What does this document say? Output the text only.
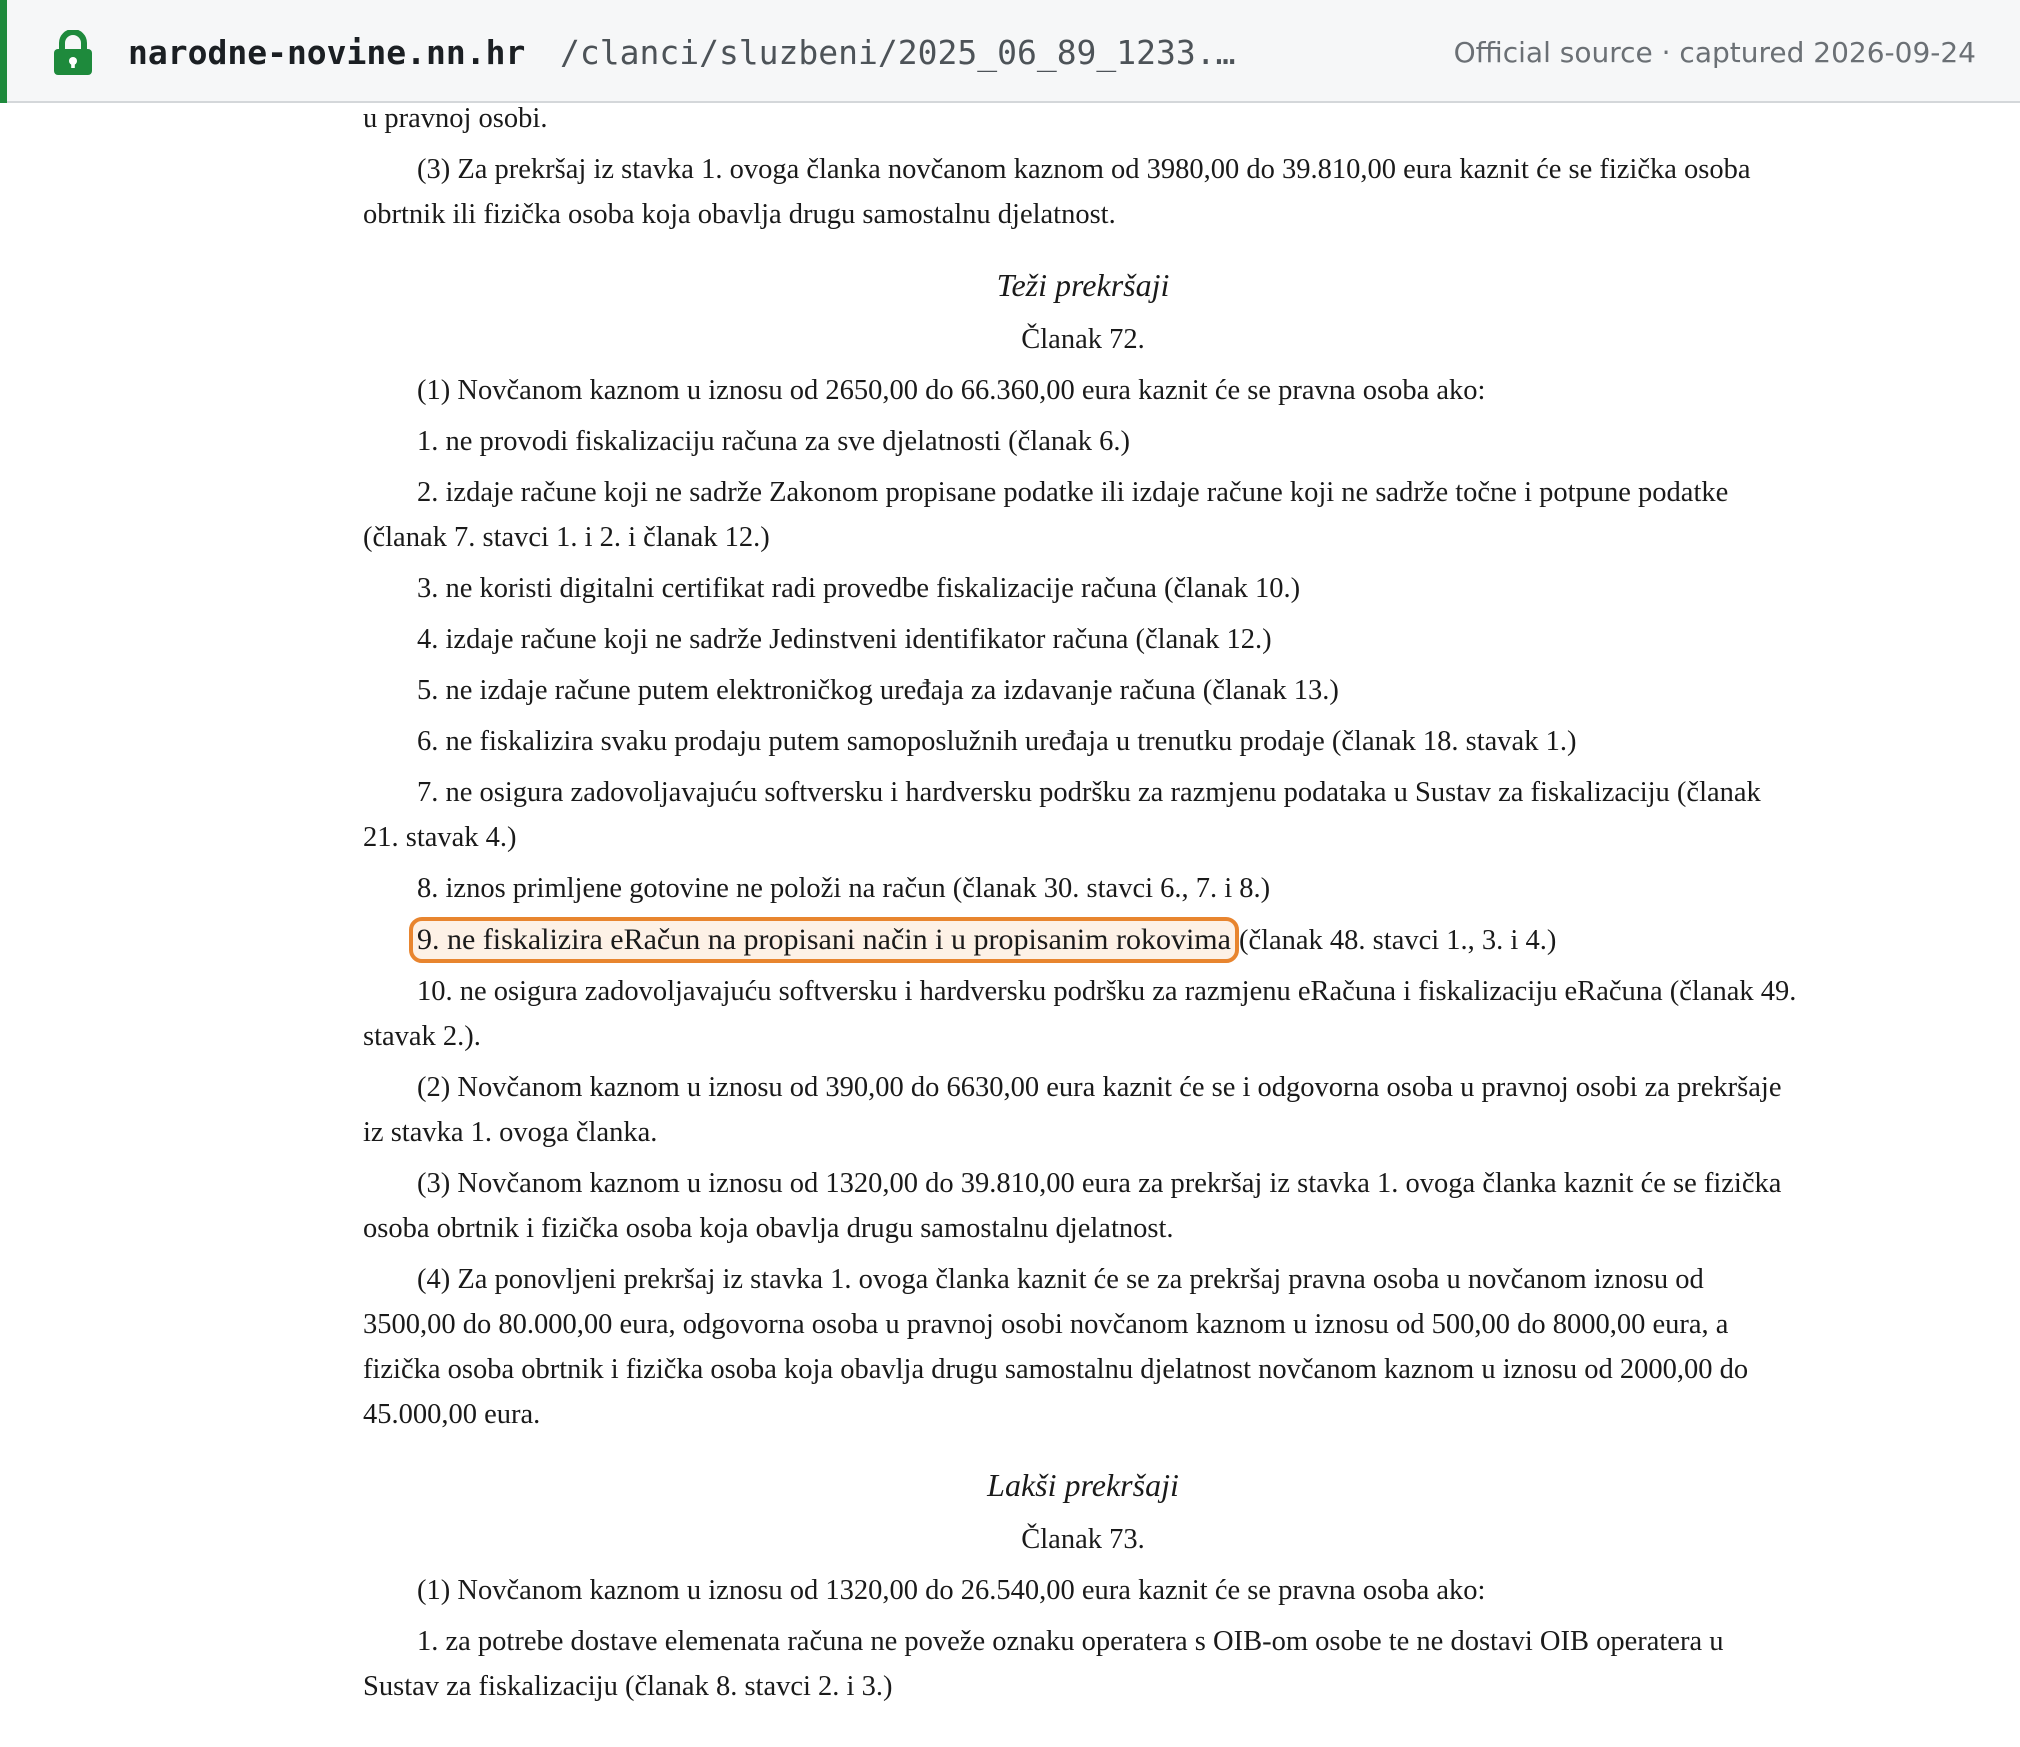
narodne-novine.nn.hr /clanci/sluzbeni/2025_06_89_1233.…	Official source · captured 2026-09-24

u pravnoj osobi.

(3) Za prekršaj iz stavka 1. ovoga članka novčanom kaznom od 3980,00 do 39.810,00 eura kaznit će se fizička osoba obrtnik ili fizička osoba koja obavlja drugu samostalnu djelatnost.

Teži prekršaji

Članak 72.

(1) Novčanom kaznom u iznosu od 2650,00 do 66.360,00 eura kaznit će se pravna osoba ako:

1. ne provodi fiskalizaciju računa za sve djelatnosti (članak 6.)

2. izdaje račune koji ne sadrže Zakonom propisane podatke ili izdaje račune koji ne sadrže točne i potpune podatke (članak 7. stavci 1. i 2. i članak 12.)

3. ne koristi digitalni certifikat radi provedbe fiskalizacije računa (članak 10.)

4. izdaje račune koji ne sadrže Jedinstveni identifikator računa (članak 12.)

5. ne izdaje račune putem elektroničkog uređaja za izdavanje računa (članak 13.)

6. ne fiskalizira svaku prodaju putem samoposlužnih uređaja u trenutku prodaje (članak 18. stavak 1.)

7. ne osigura zadovoljavajuću softversku i hardversku podršku za razmjenu podataka u Sustav za fiskalizaciju (članak 21. stavak 4.)

8. iznos primljene gotovine ne položi na račun (članak 30. stavci 6., 7. i 8.)

9. ne fiskalizira eRačun na propisani način i u propisanim rokovima (članak 48. stavci 1., 3. i 4.)

10. ne osigura zadovoljavajuću softversku i hardversku podršku za razmjenu eRačuna i fiskalizaciju eRačuna (članak 49. stavak 2.).

(2) Novčanom kaznom u iznosu od 390,00 do 6630,00 eura kaznit će se i odgovorna osoba u pravnoj osobi za prekršaje iz stavka 1. ovoga članka.

(3) Novčanom kaznom u iznosu od 1320,00 do 39.810,00 eura za prekršaj iz stavka 1. ovoga članka kaznit će se fizička osoba obrtnik i fizička osoba koja obavlja drugu samostalnu djelatnost.

(4) Za ponovljeni prekršaj iz stavka 1. ovoga članka kaznit će se za prekršaj pravna osoba u novčanom iznosu od 3500,00 do 80.000,00 eura, odgovorna osoba u pravnoj osobi novčanom kaznom u iznosu od 500,00 do 8000,00 eura, a fizička osoba obrtnik i fizička osoba koja obavlja drugu samostalnu djelatnost novčanom kaznom u iznosu od 2000,00 do 45.000,00 eura.

Lakši prekršaji

Članak 73.

(1) Novčanom kaznom u iznosu od 1320,00 do 26.540,00 eura kaznit će se pravna osoba ako:

1. za potrebe dostave elemenata računa ne poveže oznaku operatera s OIB-om osobe te ne dostavi OIB operatera u Sustav za fiskalizaciju (članak 8. stavci 2. i 3.)
